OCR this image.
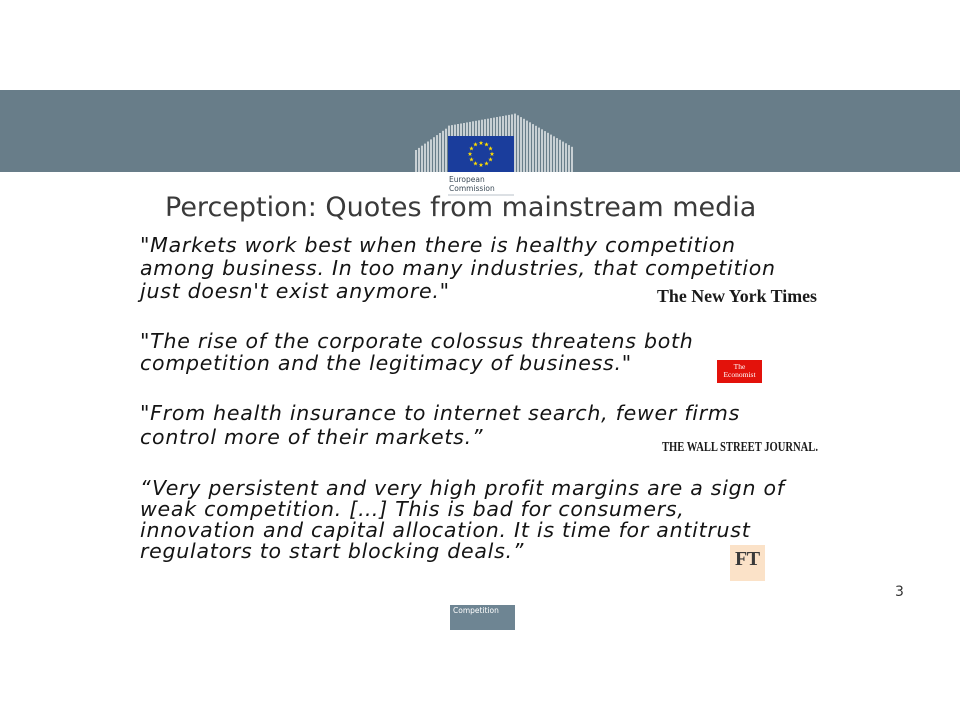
European
Commission
Perception: Quotes from mainstream media
"Markets work best when there is healthy competition
among business. In too many industries, that competition
just doesn't exist anymore."	The New York Times
"The rise of the corporate colossus threatens both
competition and the legitimacy of business."	The
Economist
"From health insurance to internet search, fewer firms
control more of their markets.”	THE WALL STREET JOURNAL.
“Very persistent and very high profit margins are a sign of
weak competition. […] This is bad for consumers,
innovation and capital allocation. It is time for antitrust
regulators to start blocking deals.”	FT
3
Competition
